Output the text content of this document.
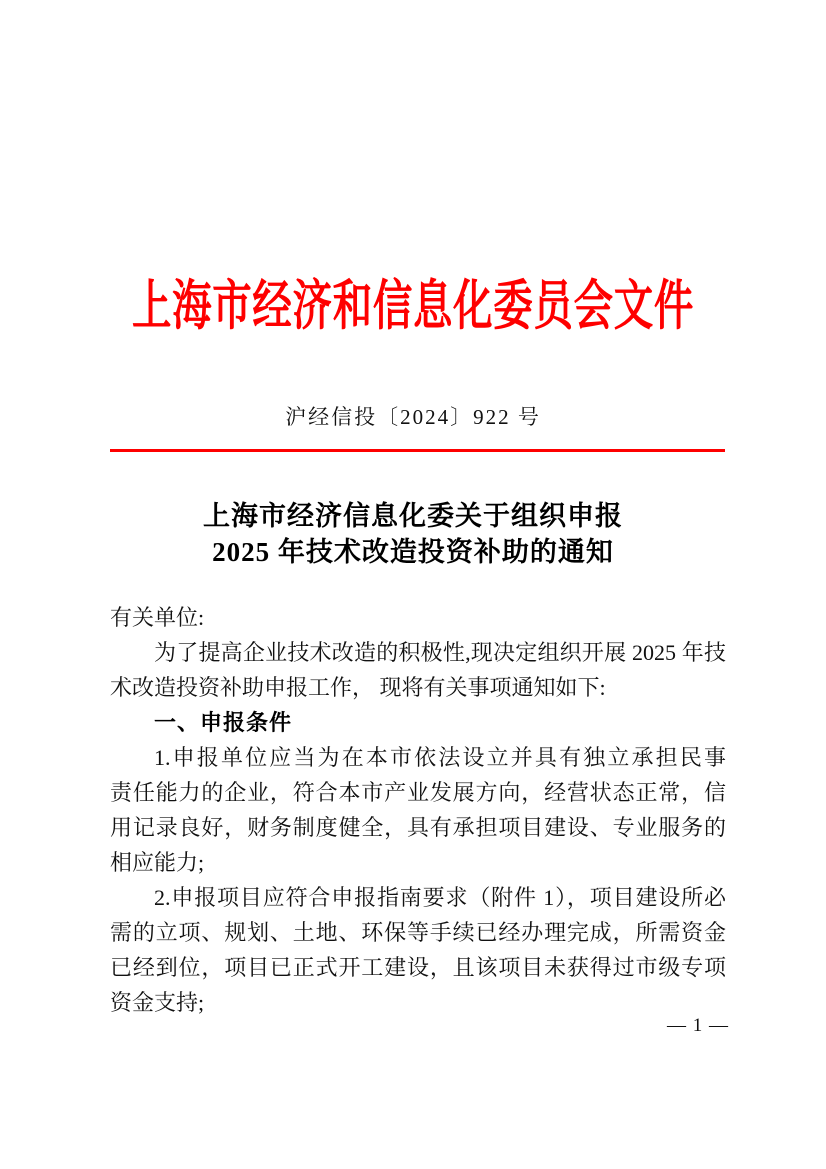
上海市经济和信息化委员会文件
沪经信投〔2024〕922 号
上海市经济信息化委关于组织申报
2025 年技术改造投资补助的通知
有关单位:
为了提高企业技术改造的积极性,现决定组织开展 2025 年技
术改造投资补助申报工作， 现将有关事项通知如下:
一、申报条件
1.申报单位应当为在本市依法设立并具有独立承担民事
责任能力的企业，符合本市产业发展方向，经营状态正常，信
用记录良好，财务制度健全，具有承担项目建设、专业服务的
相应能力;
2.申报项目应符合申报指南要求（附件 1），项目建设所必
需的立项、规划、土地、环保等手续已经办理完成，所需资金
已经到位，项目已正式开工建设，且该项目未获得过市级专项
资金支持;
— 1 —
